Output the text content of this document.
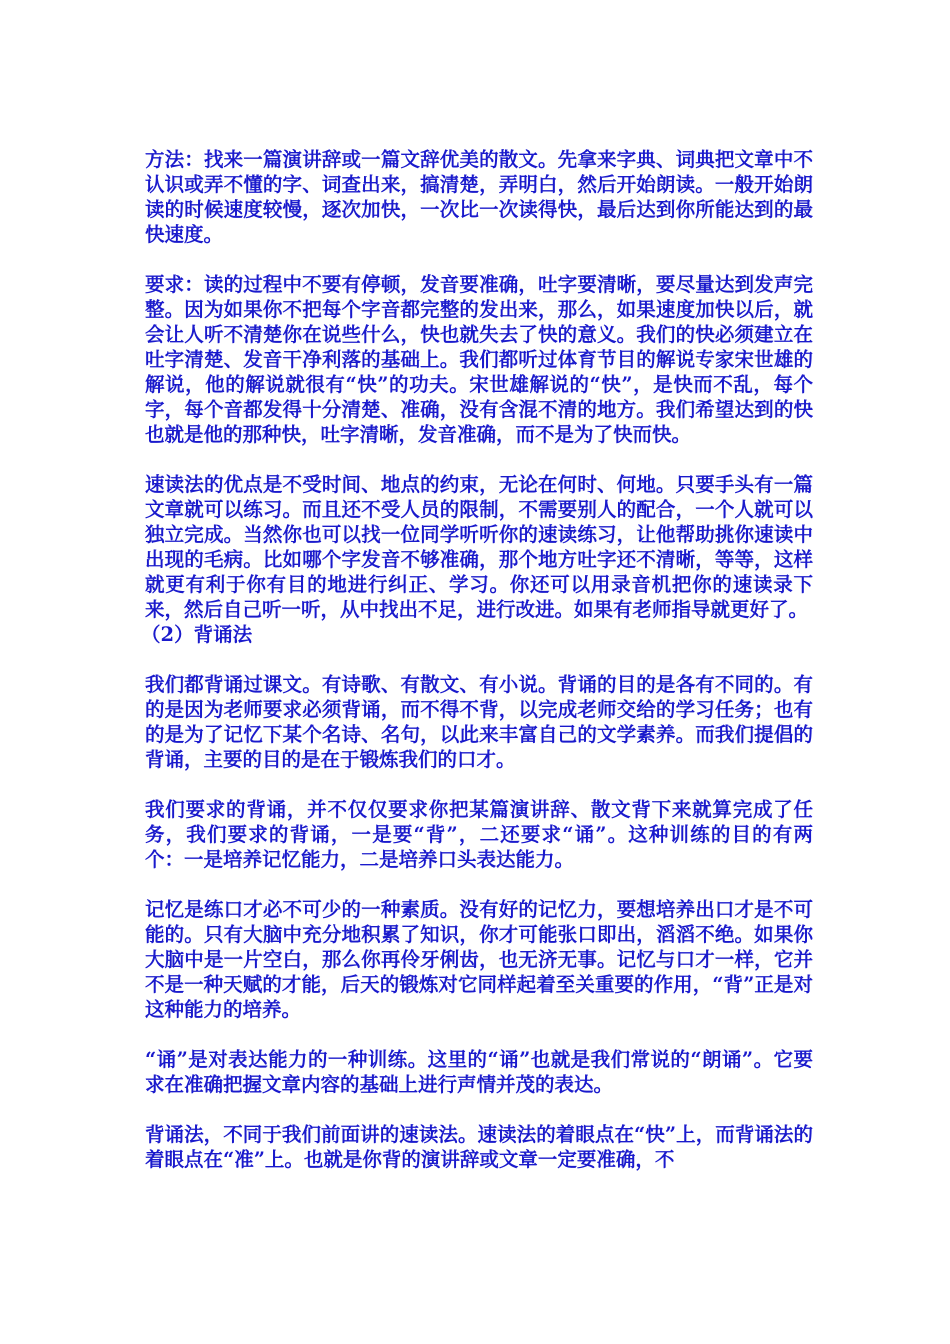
方法：找来一篇演讲辞或一篇文辞优美的散文。先拿来字典、词典把文章中不认识或弄不懂的字、词查出来，搞清楚，弄明白，然后开始朗读。一般开始朗读的时候速度较慢，逐次加快，一次比一次读得快，最后达到你所能达到的最快速度。

要求：读的过程中不要有停顿，发音要准确，吐字要清晰，要尽量达到发声完整。因为如果你不把每个字音都完整的发出来，那么，如果速度加快以后，就会让人听不清楚你在说些什么，快也就失去了快的意义。我们的快必须建立在吐字清楚、发音干净利落的基础上。我们都听过体育节目的解说专家宋世雄的解说，他的解说就很有“快”的功夫。宋世雄解说的“快”，是快而不乱，每个字，每个音都发得十分清楚、准确，没有含混不清的地方。我们希望达到的快也就是他的那种快，吐字清晰，发音准确，而不是为了快而快。

速读法的优点是不受时间、地点的约束，无论在何时、何地。只要手头有一篇文章就可以练习。而且还不受人员的限制，不需要别人的配合，一个人就可以独立完成。当然你也可以找一位同学听听你的速读练习，让他帮助挑你速读中出现的毛病。比如哪个字发音不够准确，那个地方吐字还不清晰，等等，这样就更有利于你有目的地进行纠正、学习。你还可以用录音机把你的速读录下来，然后自己听一听，从中找出不足，进行改进。如果有老师指导就更好了。

（2）背诵法

我们都背诵过课文。有诗歌、有散文、有小说。背诵的目的是各有不同的。有的是因为老师要求必须背诵，而不得不背，以完成老师交给的学习任务；也有的是为了记忆下某个名诗、名句，以此来丰富自己的文学素养。而我们提倡的背诵，主要的目的是在于锻炼我们的口才。

我们要求的背诵，并不仅仅要求你把某篇演讲辞、散文背下来就算完成了任务，我们要求的背诵，一是要“背”，二还要求“诵”。这种训练的目的有两个：一是培养记忆能力，二是培养口头表达能力。

记忆是练口才必不可少的一种素质。没有好的记忆力，要想培养出口才是不可能的。只有大脑中充分地积累了知识，你才可能张口即出，滔滔不绝。如果你大脑中是一片空白，那么你再伶牙俐齿，也无济无事。记忆与口才一样，它并不是一种天赋的才能，后天的锻炼对它同样起着至关重要的作用，“背”正是对这种能力的培养。

“诵”是对表达能力的一种训练。这里的“诵”也就是我们常说的“朗诵”。它要求在准确把握文章内容的基础上进行声情并茂的表达。

背诵法，不同于我们前面讲的速读法。速读法的着眼点在“快”上，而背诵法的着眼点在“准”上。也就是你背的演讲辞或文章一定要准确，不
